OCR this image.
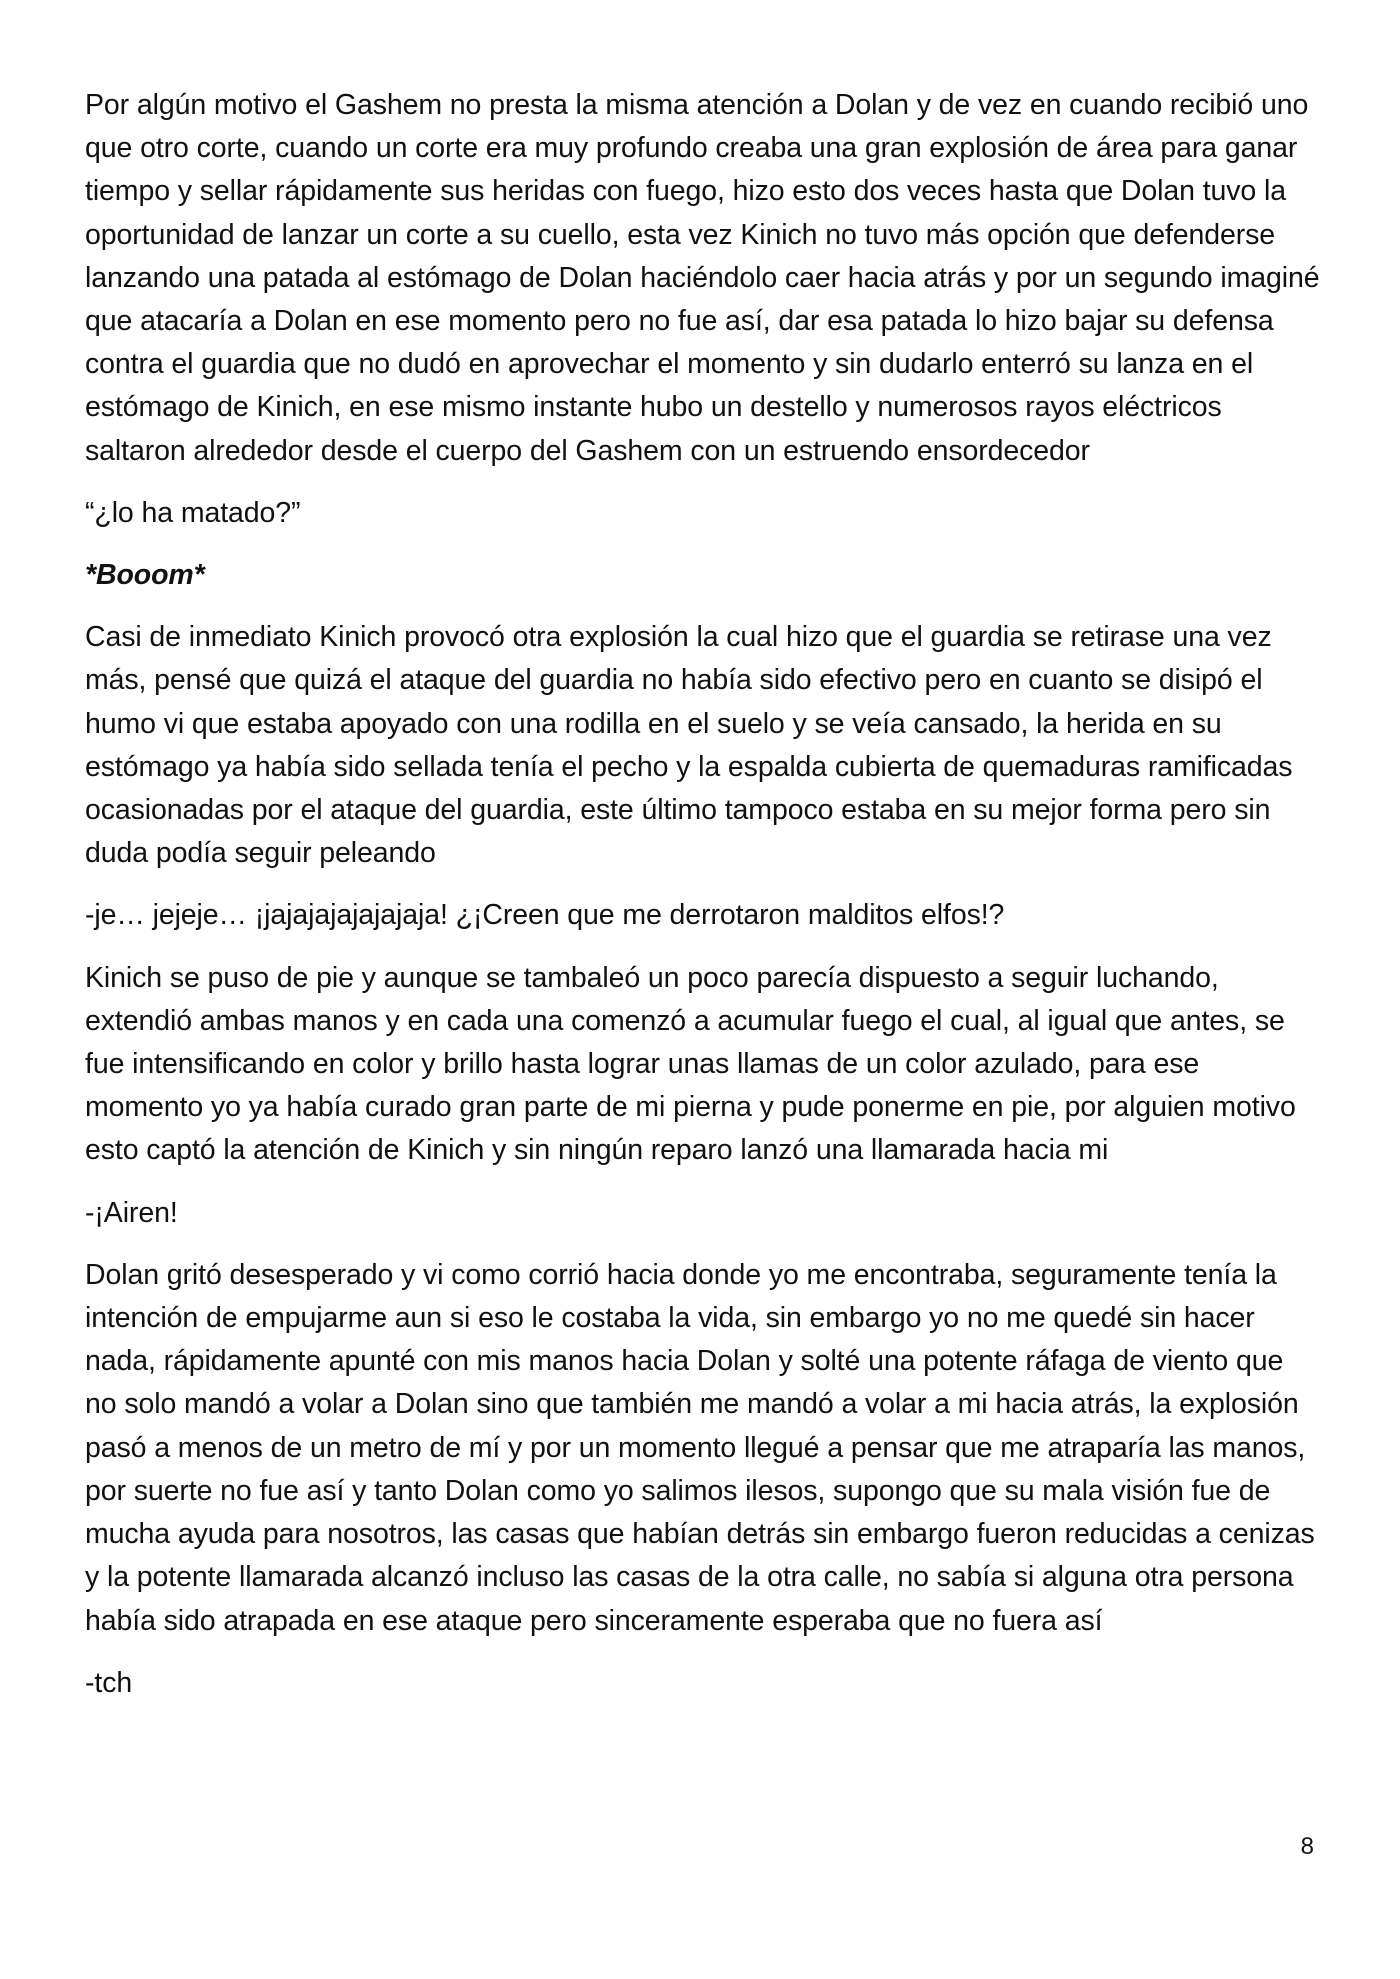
Por algún motivo el Gashem no presta la misma atención a Dolan y de vez en cuando recibió uno que otro corte, cuando un corte era muy profundo creaba una gran explosión de área para ganar tiempo y sellar rápidamente sus heridas con fuego, hizo esto dos veces hasta que Dolan tuvo la oportunidad de lanzar un corte a su cuello, esta vez Kinich no tuvo más opción que defenderse lanzando una patada al estómago de Dolan haciéndolo caer hacia atrás y por un segundo imaginé que atacaría a Dolan en ese momento pero no fue así, dar esa patada lo hizo bajar su defensa contra el guardia que no dudó en aprovechar el momento y sin dudarlo enterró su lanza en el estómago de Kinich, en ese mismo instante hubo un destello y numerosos rayos eléctricos saltaron alrededor desde el cuerpo del Gashem con un estruendo ensordecedor

“¿lo ha matado?”

*Booom*

Casi de inmediato Kinich provocó otra explosión la cual hizo que el guardia se retirase una vez más, pensé que quizá el ataque del guardia no había sido efectivo pero en cuanto se disipó el humo vi que estaba apoyado con una rodilla en el suelo y se veía cansado, la herida en su estómago ya había sido sellada tenía el pecho y la espalda cubierta de quemaduras ramificadas ocasionadas por el ataque del guardia, este último tampoco estaba en su mejor forma pero sin duda podía seguir peleando

-je… jejeje… ¡jajajajajajajaja! ¿¡Creen que me derrotaron malditos elfos!?

Kinich se puso de pie y aunque se tambaleó un poco parecía dispuesto a seguir luchando, extendió ambas manos y en cada una comenzó a acumular fuego el cual, al igual que antes, se fue intensificando en color y brillo hasta lograr unas llamas de un color azulado, para ese momento yo ya había curado gran parte de mi pierna y pude ponerme en pie, por alguien motivo esto captó la atención de Kinich y sin ningún reparo lanzó una llamarada hacia mi

-¡Airen!

Dolan gritó desesperado y vi como corrió hacia donde yo me encontraba, seguramente tenía la intención de empujarme aun si eso le costaba la vida, sin embargo yo no me quedé sin hacer nada, rápidamente apunté con mis manos hacia Dolan y solté una potente ráfaga de viento que no solo mandó a volar a Dolan sino que también me mandó a volar a mi hacia atrás, la explosión pasó a menos de un metro de mí y por un momento llegué a pensar que me atraparía las manos, por suerte no fue así y tanto Dolan como yo salimos ilesos, supongo que su mala visión fue de mucha ayuda para nosotros, las casas que habían detrás sin embargo fueron reducidas a cenizas y la potente llamarada alcanzó incluso las casas de la otra calle, no sabía si alguna otra persona había sido atrapada en ese ataque pero sinceramente esperaba que no fuera así

-tch

8
